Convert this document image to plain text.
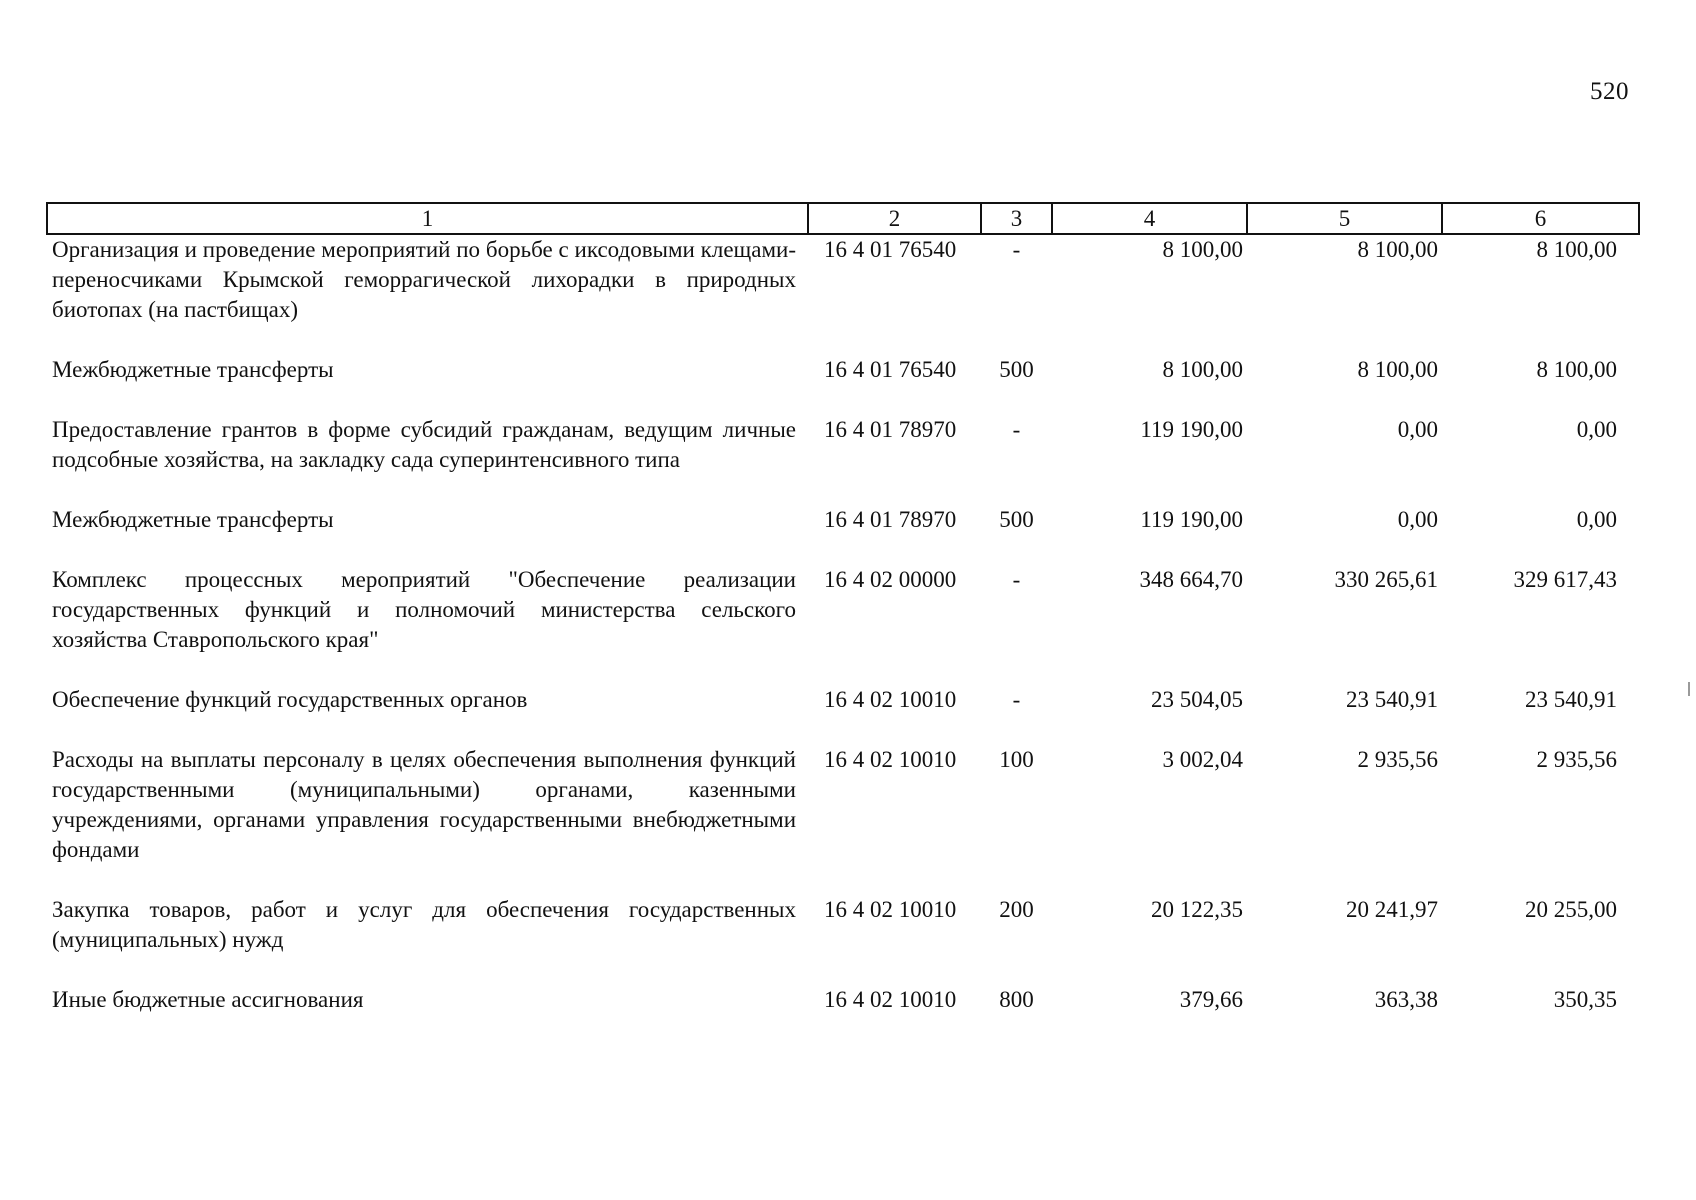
520
1	2	3	4	5	6
Организация и проведение мероприятий по борьбе с иксодовыми клещами-переносчиками Крымской геморрагической лихорадки в природных биотопах (на пастбищах)	16 4 01 76540	-	8 100,00	8 100,00	8 100,00
Межбюджетные трансферты	16 4 01 76540	500	8 100,00	8 100,00	8 100,00
Предоставление грантов в форме субсидий гражданам, ведущим личные подсобные хозяйства, на закладку сада суперинтенсивного типа	16 4 01 78970	-	119 190,00	0,00	0,00
Межбюджетные трансферты	16 4 01 78970	500	119 190,00	0,00	0,00
Комплекс процессных мероприятий "Обеспечение реализации государственных функций и полномочий министерства сельского хозяйства Ставропольского края"	16 4 02 00000	-	348 664,70	330 265,61	329 617,43
Обеспечение функций государственных органов	16 4 02 10010	-	23 504,05	23 540,91	23 540,91
Расходы на выплаты персоналу в целях обеспечения выполнения функций государственными (муниципальными) органами, казенными учреждениями, органами управления государственными внебюджетными фондами	16 4 02 10010	100	3 002,04	2 935,56	2 935,56
Закупка товаров, работ и услуг для обеспечения государственных (муниципальных) нужд	16 4 02 10010	200	20 122,35	20 241,97	20 255,00
Иные бюджетные ассигнования	16 4 02 10010	800	379,66	363,38	350,35
